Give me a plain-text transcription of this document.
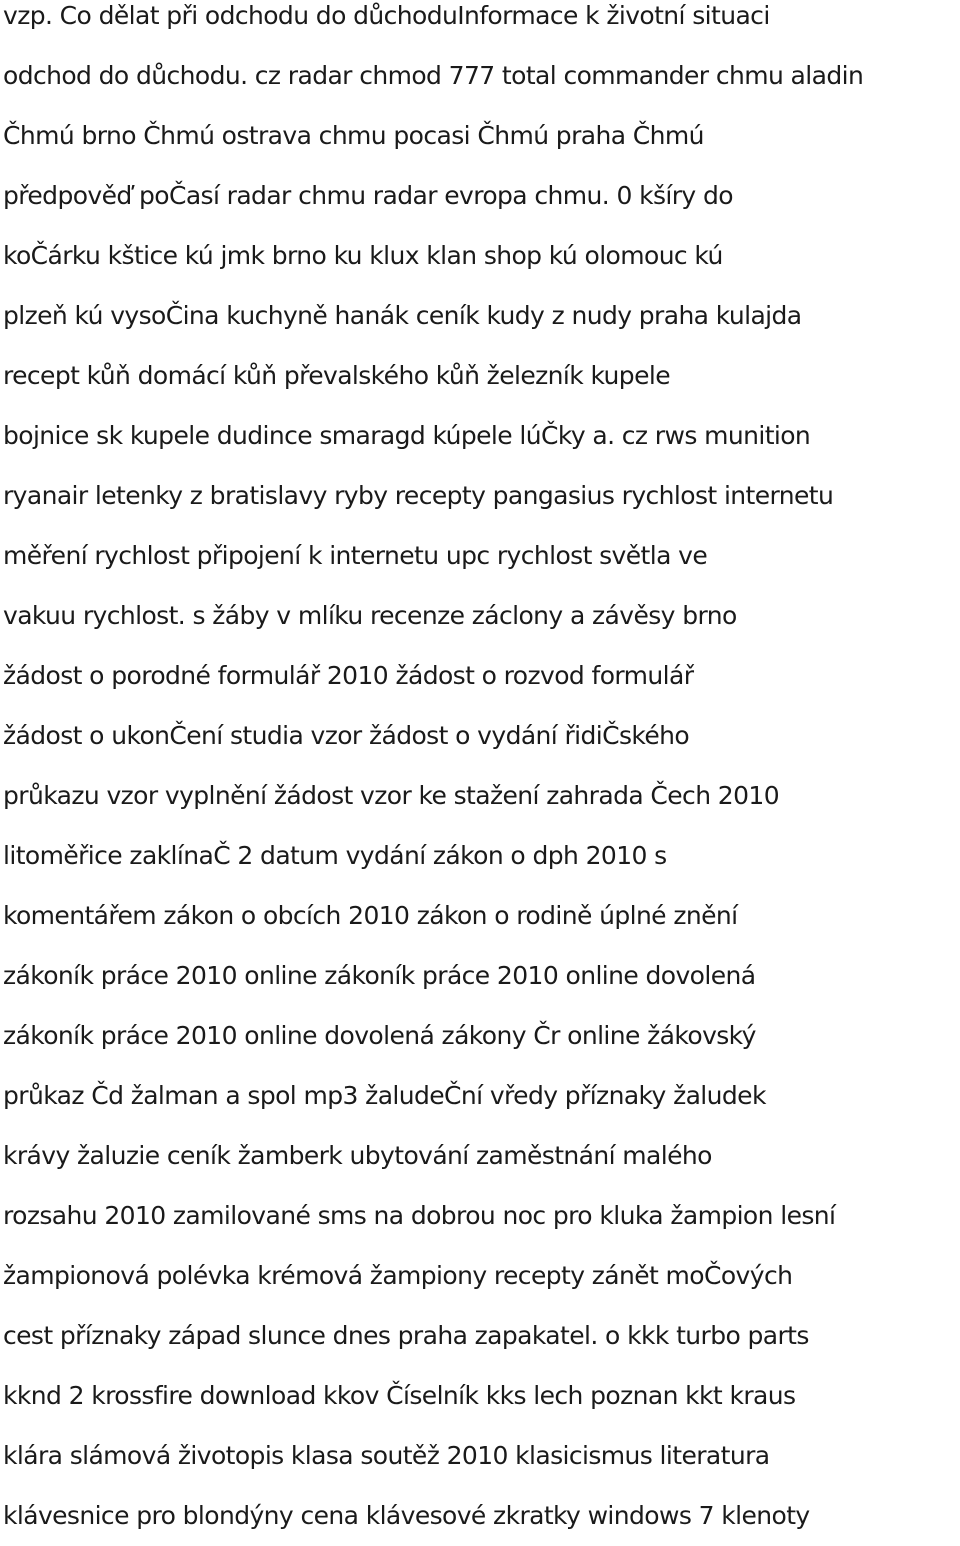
vzp. Co dělat při odchodu do důchoduInformace k životní situaci
odchod do důchodu. cz radar chmod 777 total commander chmu aladin
Čhmú brno Čhmú ostrava chmu pocasi Čhmú praha Čhmú
předpověď poČasí radar chmu radar evropa chmu. 0 kšíry do
koČárku kštice kú jmk brno ku klux klan shop kú olomouc kú
plzeň kú vysoČina kuchyně hanák ceník kudy z nudy praha kulajda
recept kůň domácí kůň převalského kůň železník kupele
bojnice sk kupele dudince smaragd kúpele lúČky a. cz rws munition
ryanair letenky z bratislavy ryby recepty pangasius rychlost internetu
měření rychlost připojení k internetu upc rychlost světla ve
vakuu rychlost. s žáby v mlíku recenze záclony a závěsy brno
žádost o porodné formulář 2010 žádost o rozvod formulář
žádost o ukonČení studia vzor žádost o vydání řidiČského
průkazu vzor vyplnění žádost vzor ke stažení zahrada Čech 2010
litoměřice zaklínaČ 2 datum vydání zákon o dph 2010 s
komentářem zákon o obcích 2010 zákon o rodině úplné znění
zákoník práce 2010 online zákoník práce 2010 online dovolená
zákoník práce 2010 online dovolená zákony Čr online žákovský
průkaz Čd žalman a spol mp3 žaludeČní vředy příznaky žaludek
krávy žaluzie ceník žamberk ubytování zaměstnání malého
rozsahu 2010 zamilované sms na dobrou noc pro kluka žampion lesní
žampionová polévka krémová žampiony recepty zánět moČových
cest příznaky západ slunce dnes praha zapakatel. o kkk turbo parts
kknd 2 krossfire download kkov Číselník kks lech poznan kkt kraus
klára slámová životopis klasa soutěž 2010 klasicismus literatura
klávesnice pro blondýny cena klávesové zkratky windows 7 klenoty
